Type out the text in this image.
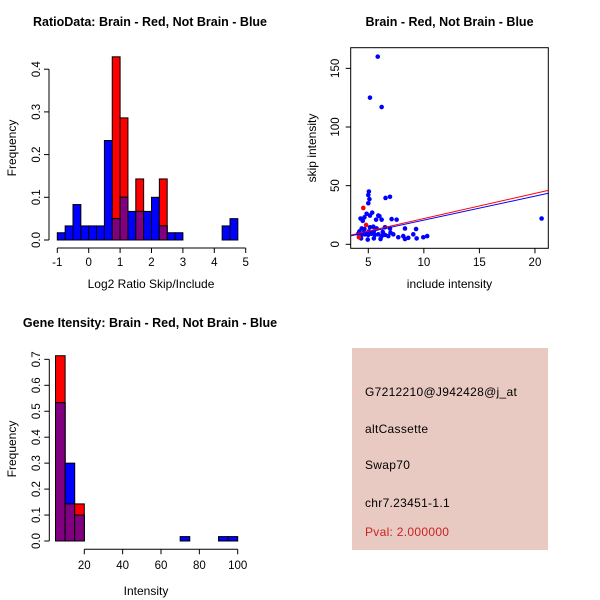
RatioData: Brain - Red, Not Brain - Blue
Log2 Ratio Skip/Include
Frequency
0.0
0.1
0.2
0.3
0.4
-1 0 1 2 3 4 5
Brain - Red, Not Brain - Blue
include intensity
skip intensity
5	10	15	20
0
50
100
150
Gene Itensity: Brain - Red, Not Brain - Blue
Intensity
Frequency
0.0
0.1
0.2
0.3
0.4
0.5
0.6
0.7
20 40 60 80 100
G7212210@J942428@j_at
altCassette
Swap70
chr7.23451-1.1
Pval: 2.000000
